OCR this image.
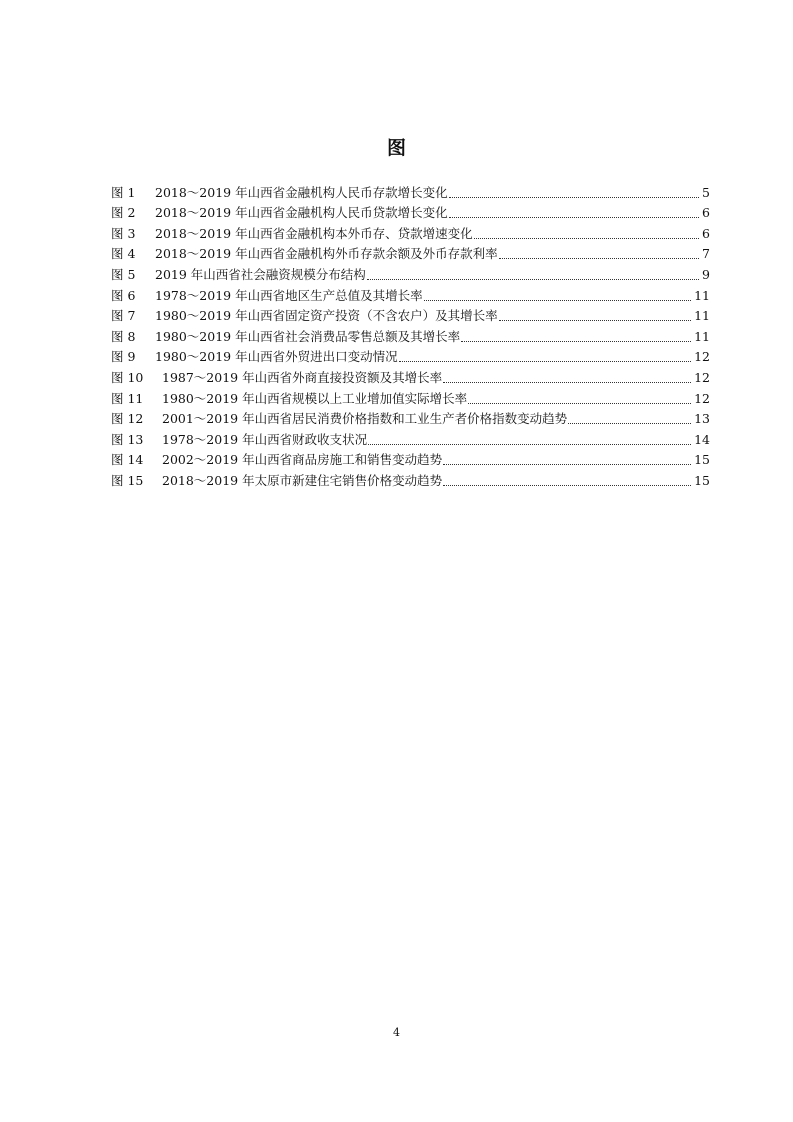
图
图 1	2018～2019 年山西省金融机构人民币存款增长变化	5
图 2	2018～2019 年山西省金融机构人民币贷款增长变化	6
图 3	2018～2019 年山西省金融机构本外币存、贷款增速变化	6
图 4	2018～2019 年山西省金融机构外币存款余额及外币存款利率	7
图 5	2019 年山西省社会融资规模分布结构	9
图 6	1978～2019 年山西省地区生产总值及其增长率	11
图 7	1980～2019 年山西省固定资产投资（不含农户）及其增长率	11
图 8	1980～2019 年山西省社会消费品零售总额及其增长率	11
图 9	1980～2019 年山西省外贸进出口变动情况	12
图 10	1987～2019 年山西省外商直接投资额及其增长率	12
图 11	1980～2019 年山西省规模以上工业增加值实际增长率	12
图 12	2001～2019 年山西省居民消费价格指数和工业生产者价格指数变动趋势	13
图 13	1978～2019 年山西省财政收支状况	14
图 14	2002～2019 年山西省商品房施工和销售变动趋势	15
图 15	2018～2019 年太原市新建住宅销售价格变动趋势	15
4
